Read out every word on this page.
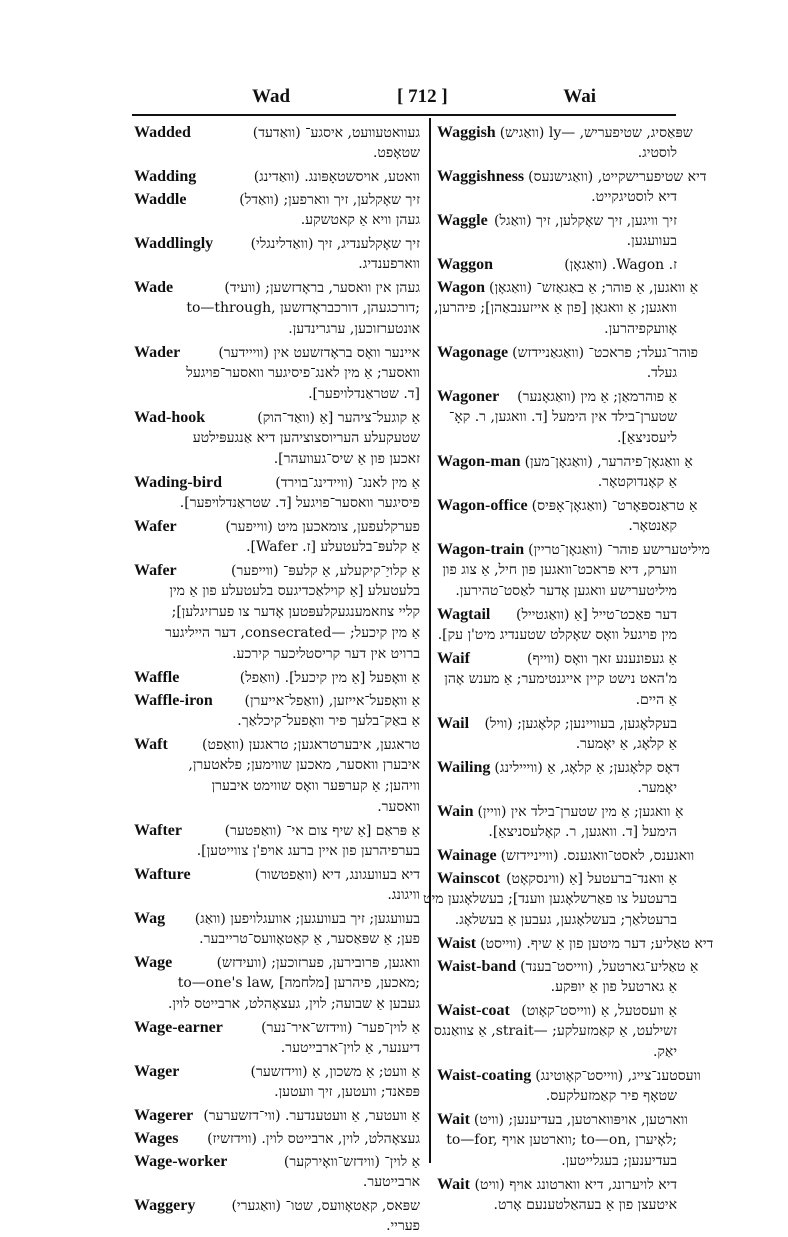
Wad	[ 712 ]	Wai
Wadded	געוואטעוועט, איסגע־ (וואַדעד)
שטאָפט.
Wadding	וואטע, אויסשטאָפּונג. (וואַדינג)
Waddle	זיך שאָקלען, זיך ווארפען; (וואַדל)
געהן וויא אַ קאטשקע.
Waddlingly	זיך שאָקלענדיג, זיך (וואַדלינגלי)
ווארפענדיג.
Wade	געהן אין וואסער, בראָדזשען; (וועיד)
to—through, דורכגעהן, דורכבראָדזשען;
אונטערזוכען, ערגרינדען.
Wader	איינער וואָס בראָדזשעט אין (ווייידער)
וואסער; אַ מין לאנג־פיסיגער וואסער־פויגעל
[ד. שטראַנדלויפער].
Wad-hook	אַ קוגעל־ציהער [אַ (וואַד־הוק)
שטעקעלע העריוסצוציהען דיא אַנגעפּילטע
זאכען פון אַ שיס־געוועהר].
Wading-bird	אַ מין לאנג־ (וויידינג־בוירד)
פיסיגער וואסער־פויגעל [ד. שטראַנדלויפער].
Wafer	פערקלעפען, צומאכען מיט (ווייפער)
אַ קלעפּ־בלעטעלע [ז. Wafer].
Wafer	אַ קלויַ־קיקעלע, אַ קלעפּ־ (ווייפער)
בלעטעלע [אַ קוילאַכדיגעס בלעטעלע פון אַ מין
קליי צוזאמענגעקלעפּטען אָדער צו פערזיגלען];
אַ מין קיכעל; —consecrated, דער הייליגער
ברויט אין דער קריסטליכער קירכע.
Waffle	אַ וואָפעל [אַ מין קיכעל]. (וואַפל)
Waffle-iron	אַ וואָפעל־אייזען, (וואַפל־אייערן)
אַ באַק־בלעך פיר וואָפעל־קיכלאַך.
Waft	טראגען, איבערטראגען; טראגען (וואַפט)
איבערן וואסער, מאכען שווימען; פלאטערן,
וויהען; אַ קערפּער וואָס שווימט איבערן
וואסער.
Wafter	אַ פּראַם [אַ שיף צום אי־ (וואַפטער)
בערפיהרען פון איין ברעג אויפ'ן צווייטען].
Wafture	דיא בעוועגונג, דיא (וואַפטשור)
וויגונג.
Wag	בעוועגען; זיך בעוועגען; אוועגלויפען (וואַג)
פען; אַ שפּאַסער, אַ קאַטאָוועס־טרייבער.
Wage	וואגען, פּרובירען, פערזוכען; (וועידזש)
to—one's law, מאכען, פיהרען [מלחמה];
געבען אַ שבועה; לוין, געצאָהלט, ארבייטס לוין.
Wage-earner	אַ לוין־פער־ (ווידזש־איר־נער)
דיענער, אַ לוין־ארבייטער.
Wager	אַ וועט; אַ משכון, אַ (ווידזשער)
פּפאנד; וועטען, זיך וועטען.
Wagerer אַ וועטער, אַ וועטענדער. (ווי־דזשערער)
Wages	געצאָהלט, לוין, ארבייטס לוין. (ווידזשיז)
Wage-worker	אַ לוין־ (ווידזש־וואָירקער)
ארבייטער.
Waggery	שפּאס, קאַטאָוועס, שטו־ (וואַגערי)
פעריי.
Waggish שפּאַסיג, שטיפעריש, —ly (וואַגיש)
לוסטיג.
Waggishness דיא שטיפערישקייט, (וואַגישנעס)
דיא לוסטיגקייט.
Waggle זיך וויגען, זיך שאָקלען, זיך (וואַגל)
בעוועגען.
Waggon	ז. Wagon. (וואַגאָן)
Wagon אַ וואגען, אַ פוהר; אַ באַגאַזש־ (וואַגאָן)
וואגען; אַ וואגאָן [פון אַ אייזענבאַהן]; פיהרען,
אָוועקפיהרען.
Wagonage פוהר־געלד; פראכט־ (וואַגאַניידזש)
געלד.
Wagoner	אַ פוהרמאַן; אַ מין (וואַגאָנער)
שטערן־בילד אין הימעל [ד. וואגען, ר. קאָ־
ליעסניצאַ].
Wagon-man אַ וואַגאָן־פיהרער, (וואַגאָן־מען)
אַ קאָנדוקטאָר.
Wagon-office אַ טראַנספּאָרט־ (וואַגאָן־אָפּיס)
קאַנטאָר.
Wagon-train מיליטערישע פוהר־ (וואַגאָן־טריין)
ווערק, דיא פּראכט־וואגען פון חיל, אַ צוג פון
מיליטערישע וואגען אָדער לאַסט־טהירען.
Wagtail	דער פאַכט־טייל [אַ (וואַגטייל)
מין פויגעל וואָס שאָקלט שטענדיג מיט'ן עק].
Waif	אַ געפונענע זאך וואָס (ווייף)
מ'האט נישט קיין אייגנטימער; אַ מענש אָהן
אַ היים.
Wail	בעקלאָגען, בעוויינען; קלאָגען; (וויל)
אַ קלאָג, אַ יאָמער.
Wailing דאָס קלאָגען; אַ קלאָג, אַ (ווייילינג)
יאָמער.
Wain אַ וואגען; אַ מין שטערן־בילד אין (וויין)
הימעל [ד. וואגען, ר. קאָלעסניצאַ].
Wainage וואגענס, לאסט־וואגענס. (ווייניידזש)
Wainscot אַ וואנד־ברעטעל [אַ (ווינסקאָט)
ברעטעל צו פאַרשלאָגען ווענד]; בעשלאָגען מיט
ברעטלאַך; בעשלאָגען, געבען אַ בעשלאָג.
Waist דיא טאַליע; דער מיטען פון אַ שיף. (ווייסט)
Waist-band אַ טאַליע־גארטעל, (ווייסט־בענד)
אַ גארטעל פון אַ יופּקע.
Waist-coat אַ וועסטעל, אַ (ווייסט־קאָוט)
זשילעט, אַ קאַמזעלקע; —strait, אַ צוואַנגס
יאַק.
Waist-coating וועסטענ־צייג, (ווייסט־קאָוטינג)
שטאָף פיר קאַמזעלקעס.
Wait ווארטען, אויפּווארטען, בעדיענען; (וויט)
to—for, ווארטען אויף; to—on, לאָיערן;
בעדיענען; בעגלייטען.
Wait דיא לויערונג, דיא ווארטונג אויף (וויט)
איטעצן פון אַ בעהאַלטענעם אָרט.
